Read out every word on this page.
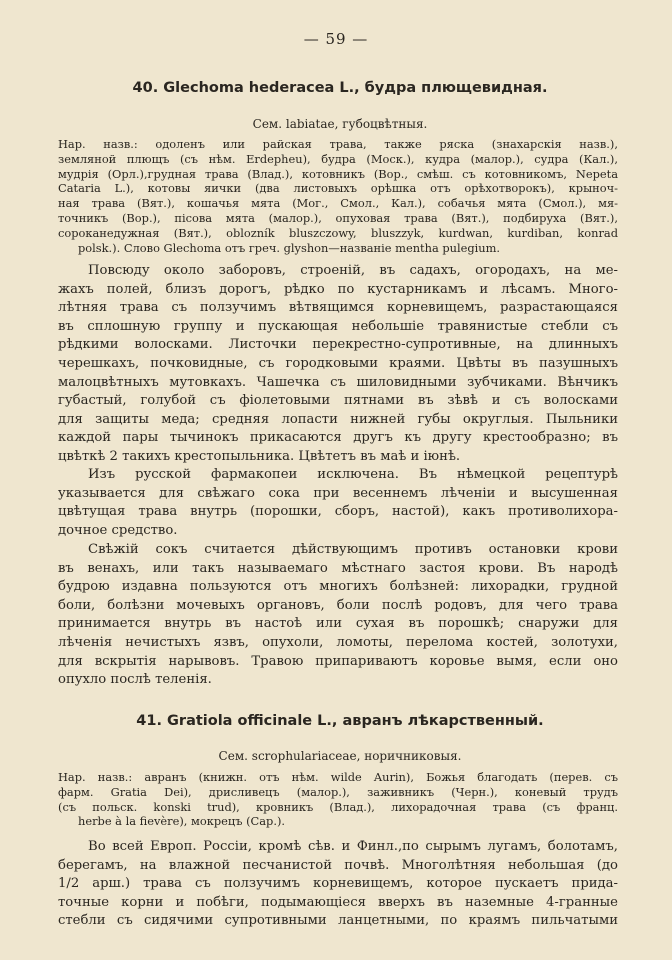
— 59 —
40. Glechoma hederacea L., будра плющевидная.
Сем. labiatae, губоцвѣтныя.
Нар. назв.: одоленъ или райская трава, также ряска (знахарскія назв.),
земляной плющъ (съ нѣм. Erdepheu), будра (Моск.), кудра (малор.), судра (Кал.),
мудрія (Орл.),грудная трава (Влад.), котовникъ (Вор., смѣш. съ котовникомъ, Nepeta
Cataria L.), котовы яички (два листовыхъ орѣшка отъ орѣхотворокъ), крыноч-
ная трава (Вят.), кошачья мята (Мог., Смол., Кал.), собачья мята (Смол.), мя-
точникъ (Вор.), пісова мята (малор.), опуховая трава (Вят.), подбируха (Вят.),
сороканедужная (Вят.), oblozník bluszczowy, bluszzyk, kurdwan, kurdiban, konrad
polsk.). Слово Glechoma отъ греч. glyshon—названіе mentha pulegium.
Повсюду около заборовъ, строеній, въ садахъ, огородахъ, на ме-
жахъ полей, близъ дорогъ, рѣдко по кустарникамъ и лѣсамъ. Много-
лѣтняя трава съ ползучимъ вѣтвящимся корневищемъ, разрастающаяся
въ сплошную группу и пускающая небольшіе травянистые стебли съ
рѣдкими волосками. Листочки перекрестно-супротивные, на длинныхъ
черешкахъ, почковидные, съ городковыми краями. Цвѣты въ пазушныхъ
малоцвѣтныхъ мутовкахъ. Чашечка съ шиловидными зубчиками. Вѣнчикъ
губастый, голубой съ фіолетовыми пятнами въ зѣвѣ и съ волосками
для защиты меда; средняя лопасти нижней губы округлыя. Пыльники
каждой пары тычинокъ прикасаются другъ къ другу крестообразно; въ
цвѣткѣ 2 такихъ крестопыльника. Цвѣтетъ въ маѣ и іюнѣ.
Изъ русской фармакопеи исключена. Въ нѣмецкой рецептурѣ
указывается для свѣжаго сока при весеннемъ лѣченіи и высушенная
цвѣтущая трава внутрь (порошки, сборъ, настой), какъ противолихора-
дочное средство.
Свѣжій сокъ считается дѣйствующимъ противъ остановки крови
въ венахъ, или такъ называемаго мѣстнаго застоя крови. Въ народѣ
будрою издавна пользуются отъ многихъ болѣзней: лихорадки, грудной
боли, болѣзни мочевыхъ органовъ, боли послѣ родовъ, для чего трава
принимается внутрь въ настоѣ или сухая въ порошкѣ; снаружи для
лѣченія нечистыхъ язвъ, опухоли, ломоты, перелома костей, золотухи,
для вскрытія нарывовъ. Травою припариваютъ коровье вымя, если оно
опухло послѣ теленія.
41. Gratiola officinale L., авранъ лѣкарственный.
Сем. scrophulariaceae, норичниковыя.
Нар. назв.: авранъ (книжн. отъ нѣм. wilde Aurin), Божья благодать (перев. съ
фарм. Gratia Dei), дрисливецъ (малор.), заживникъ (Черн.), коневый трудъ
(съ польск. konski trud), кровникъ (Влад.), лихорадочная трава (съ франц.
herbe à la fievère), мокрецъ (Сар.).
Во всей Европ. Россіи, кромѣ сѣв. и Финл.,по сырымъ лугамъ, болотамъ,
берегамъ, на влажной песчанистой почвѣ. Многолѣтняя небольшая (до
1/2 арш.) трава съ ползучимъ корневищемъ, которое пускаетъ прида-
точные корни и побѣги, подымающіеся вверхъ въ наземные 4-гранные
стебли съ сидячими супротивными ланцетными, по краямъ пильчатыми
